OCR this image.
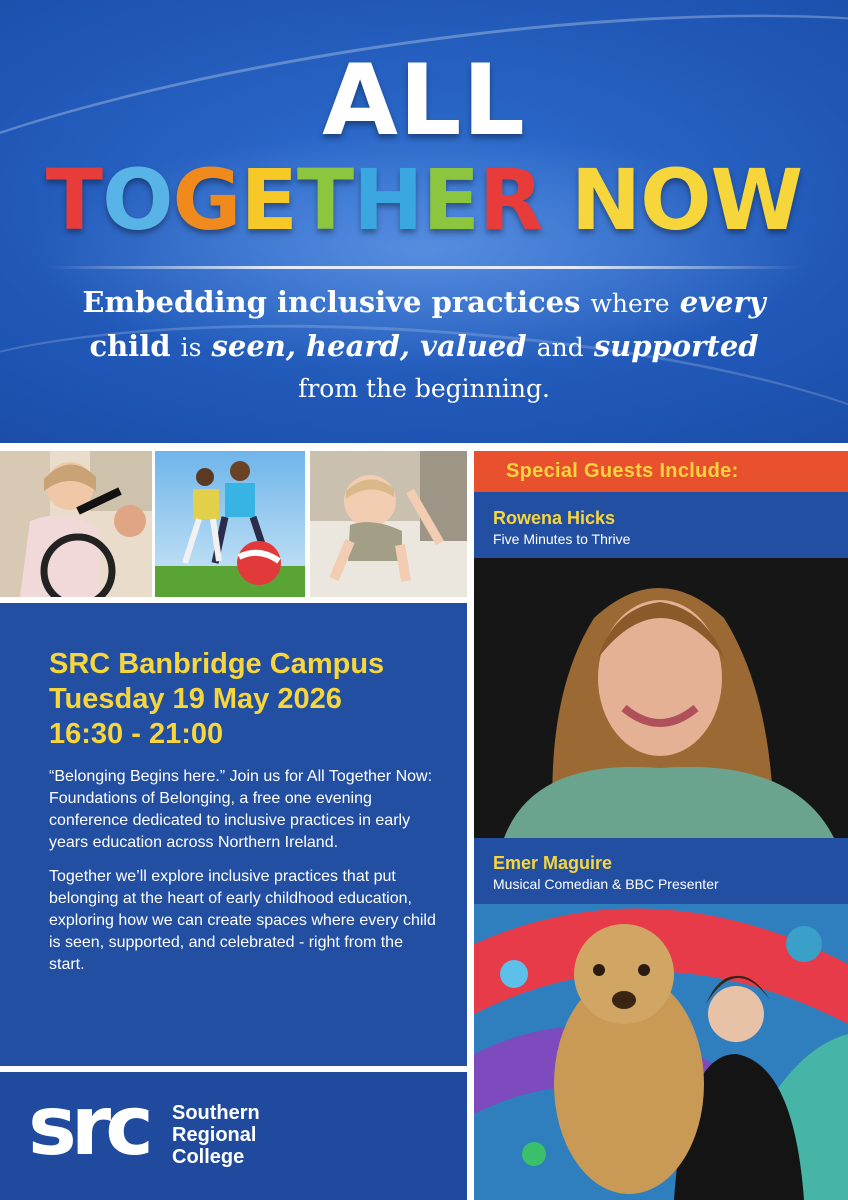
ALL
TOGETHER NOW
Embedding inclusive practices where every
child is seen, heard, valued and supported
from the beginning.
SRC Banbridge Campus
Tuesday 19 May 2026
16:30 - 21:00

“Belonging Begins here.” Join us for All Together Now: Foundations of Belonging, a free one evening conference dedicated to inclusive practices in early years education across Northern Ireland.

Together we’ll explore inclusive practices that put belonging at the heart of early childhood education, exploring how we can create spaces where every child is seen, supported, and celebrated - right from the start.

src Southern
Regional
College
Special Guests Include:
Rowena Hicks
Five Minutes to Thrive
Emer Maguire
Musical Comedian & BBC Presenter
